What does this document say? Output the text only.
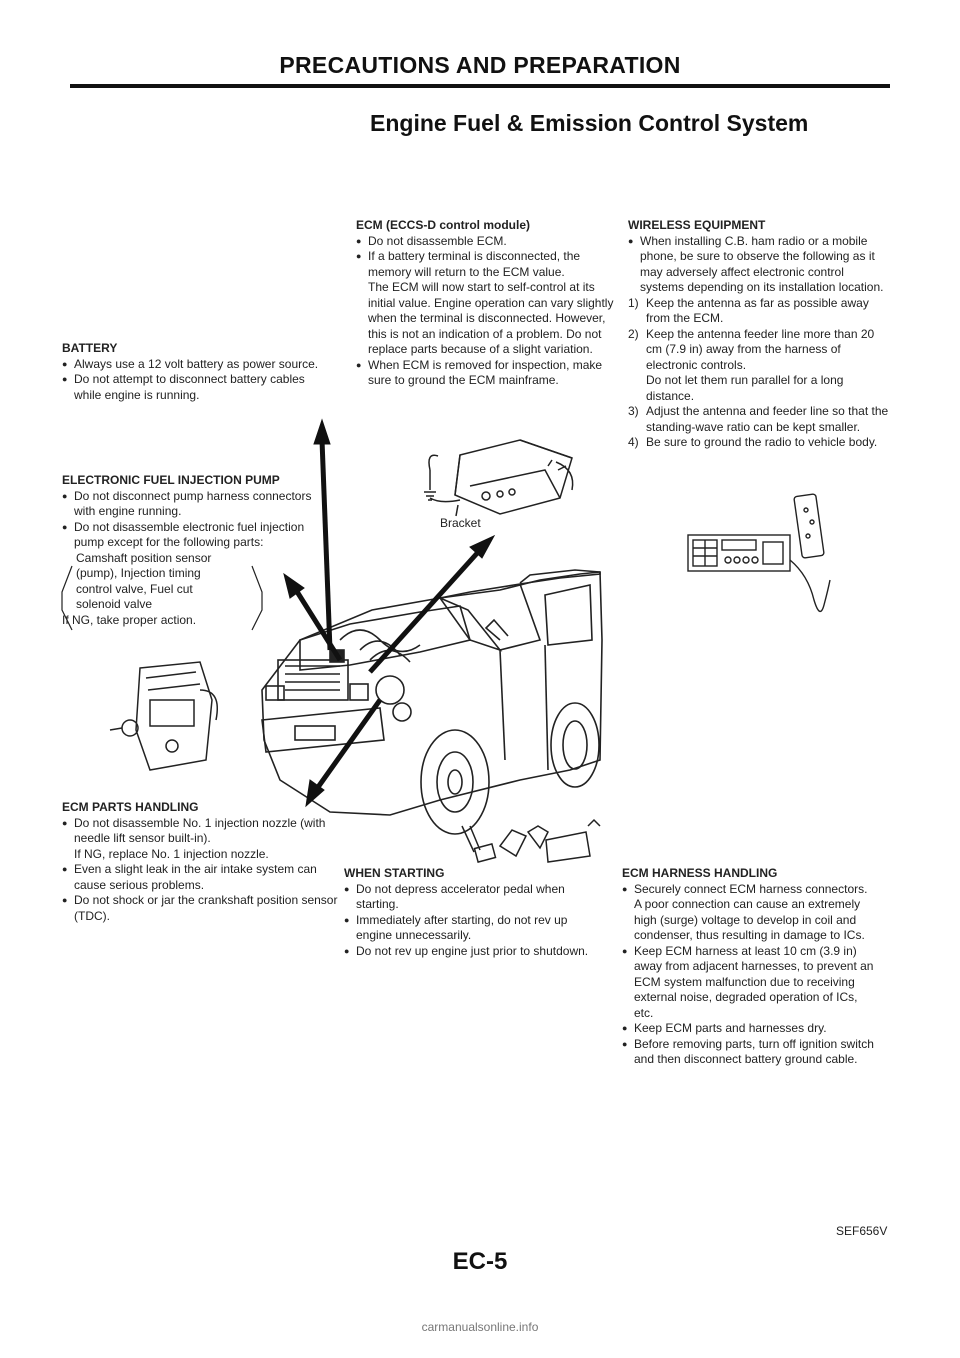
PRECAUTIONS AND PREPARATION
Engine Fuel & Emission Control System
BATTERY
● Always use a 12 volt battery as power source.
● Do not attempt to disconnect battery cables while engine is running.
ECM (ECCS-D control module)
● Do not disassemble ECM.
● If a battery terminal is disconnected, the memory will return to the ECM value.
The ECM will now start to self-control at its initial value. Engine operation can vary slightly when the terminal is disconnected. However, this is not an indication of a problem. Do not replace parts because of a slight variation.
● When ECM is removed for inspection, make sure to ground the ECM mainframe.
Bracket
WIRELESS EQUIPMENT
● When installing C.B. ham radio or a mobile phone, be sure to observe the following as it may adversely affect electronic control systems depending on its installation location.
1) Keep the antenna as far as possible away from the ECM.
2) Keep the antenna feeder line more than 20 cm (7.9 in) away from the harness of electronic controls.
Do not let them run parallel for a long distance.
3) Adjust the antenna and feeder line so that the standing-wave ratio can be kept smaller.
4) Be sure to ground the radio to vehicle body.
ELECTRONIC FUEL INJECTION PUMP
● Do not disconnect pump harness connectors with engine running.
● Do not disassemble electronic fuel injection pump except for the following parts:
Camshaft position sensor (pump), Injection timing control valve, Fuel cut solenoid valve
If NG, take proper action.
ECM PARTS HANDLING
● Do not disassemble No. 1 injection nozzle (with needle lift sensor built-in).
If NG, replace No. 1 injection nozzle.
● Even a slight leak in the air intake system can cause serious problems.
● Do not shock or jar the crankshaft position sensor (TDC).
WHEN STARTING
● Do not depress accelerator pedal when starting.
● Immediately after starting, do not rev up engine unnecessarily.
● Do not rev up engine just prior to shutdown.
ECM HARNESS HANDLING
● Securely connect ECM harness connectors.
A poor connection can cause an extremely high (surge) voltage to develop in coil and condenser, thus resulting in damage to ICs.
● Keep ECM harness at least 10 cm (3.9 in) away from adjacent harnesses, to prevent an ECM system malfunction due to receiving external noise, degraded operation of ICs, etc.
● Keep ECM parts and harnesses dry.
● Before removing parts, turn off ignition switch and then disconnect battery ground cable.
SEF656V
EC-5
carmanualsonline.info
